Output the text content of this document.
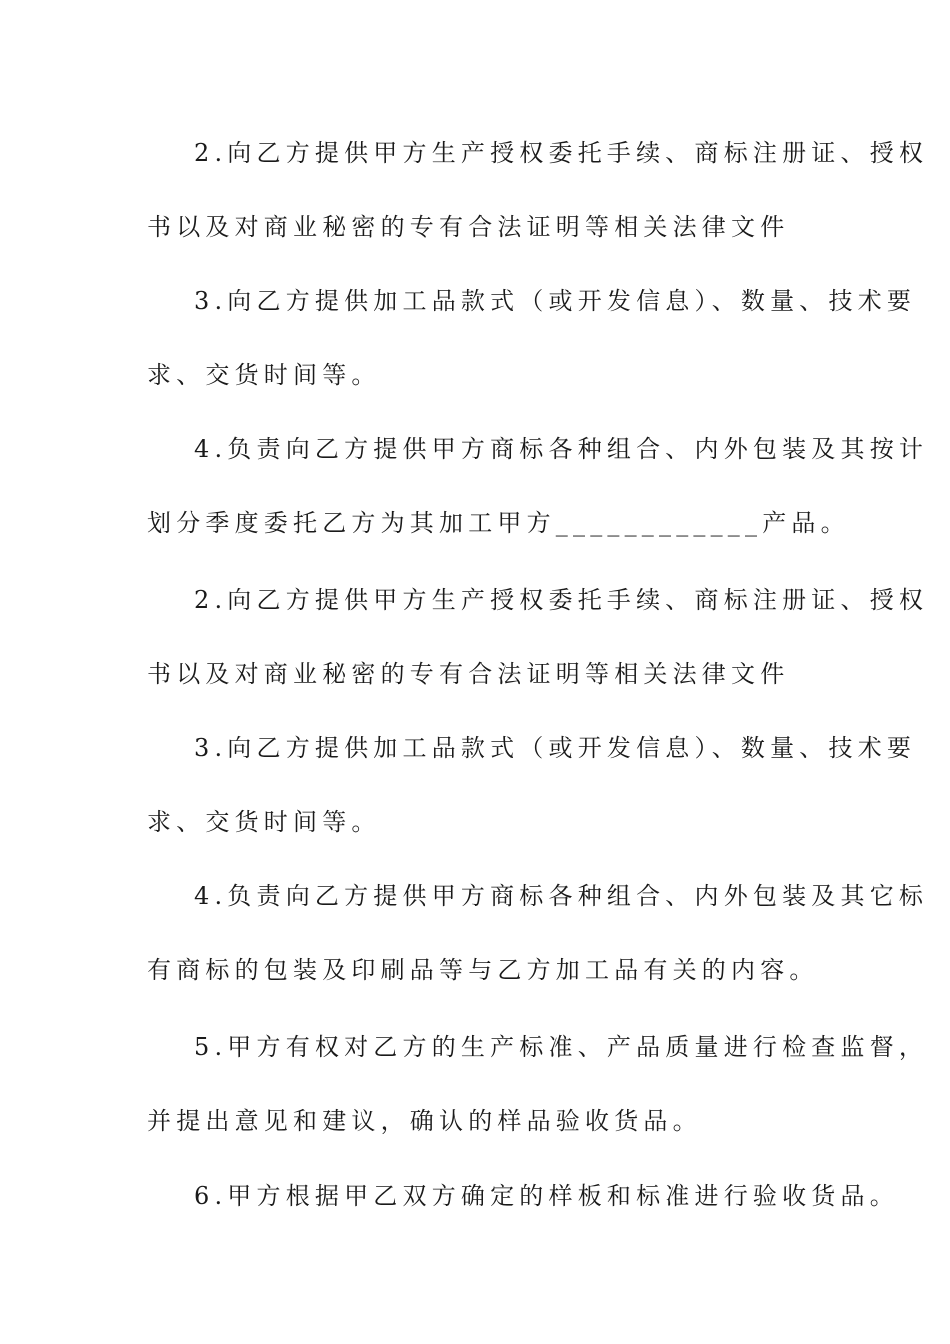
2.向乙方提供甲方生产授权委托手续、商标注册证、授权
书以及对商业秘密的专有合法证明等相关法律文件
3.向乙方提供加工品款式（或开发信息）、数量、技术要
求、交货时间等。
4.负责向乙方提供甲方商标各种组合、内外包装及其按计
划分季度委托乙方为其加工甲方____________产品。
2.向乙方提供甲方生产授权委托手续、商标注册证、授权
书以及对商业秘密的专有合法证明等相关法律文件
3.向乙方提供加工品款式（或开发信息）、数量、技术要
求、交货时间等。
4.负责向乙方提供甲方商标各种组合、内外包装及其它标
有商标的包装及印刷品等与乙方加工品有关的内容。
5.甲方有权对乙方的生产标准、产品质量进行检查监督，
并提出意见和建议，确认的样品验收货品。
6.甲方根据甲乙双方确定的样板和标准进行验收货品。
